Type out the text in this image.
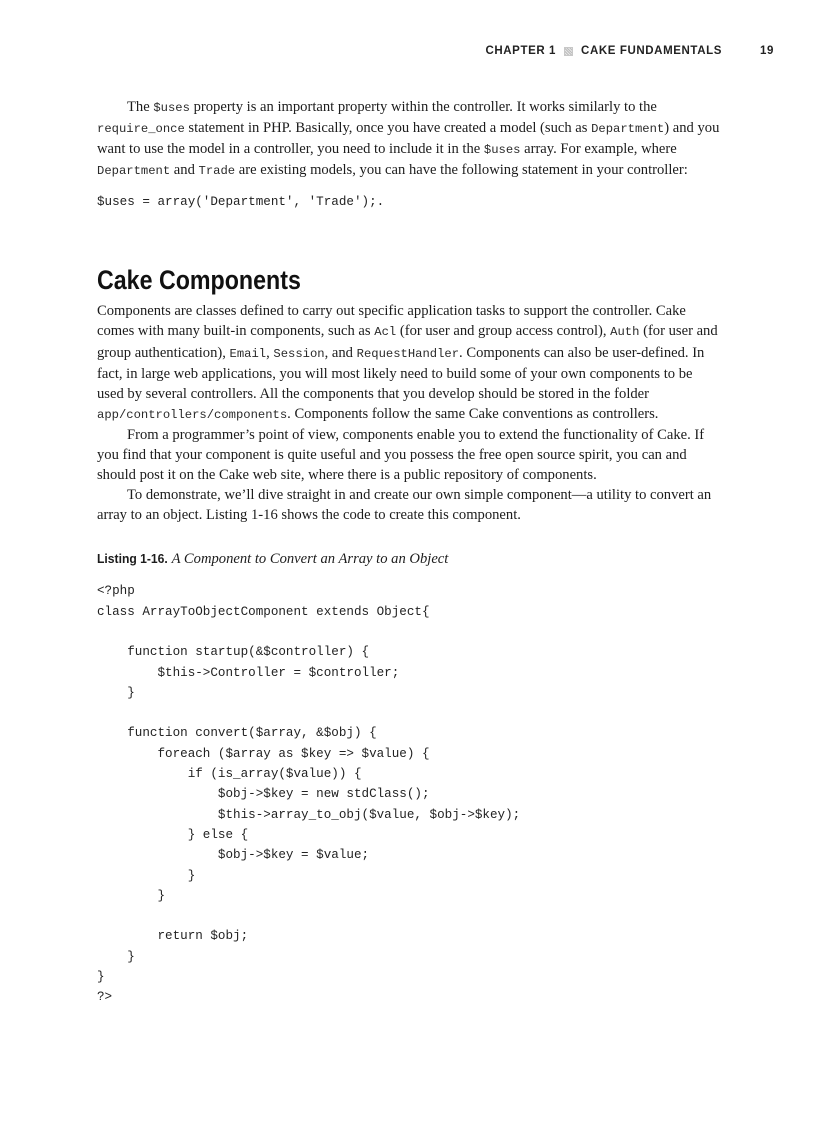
CHAPTER 1 CAKE FUNDAMENTALS	19

The $uses property is an important property within the controller. It works similarly to the require_once statement in PHP. Basically, once you have created a model (such as Department) and you want to use the model in a controller, you need to include it in the $uses array. For example, where Department and Trade are existing models, you can have the following statement in your controller:

$uses = array('Department', 'Trade');.
Cake Components

Components are classes defined to carry out specific application tasks to support the controller. Cake comes with many built-in components, such as Acl (for user and group access control), Auth (for user and group authentication), Email, Session, and RequestHandler. Components can also be user-defined. In fact, in large web applications, you will most likely need to build some of your own components to be used by several controllers. All the components that you develop should be stored in the folder app/controllers/components. Components follow the same Cake conventions as controllers.

From a programmer’s point of view, components enable you to extend the functionality of Cake. If you find that your component is quite useful and you possess the free open source spirit, you can and should post it on the Cake web site, where there is a public repository of components.

To demonstrate, we’ll dive straight in and create our own simple component—a utility to convert an array to an object. Listing 1-16 shows the code to create this component.

Listing 1-16. A Component to Convert an Array to an Object

<?php
class ArrayToObjectComponent extends Object{
function startup(&$controller) {
$this->Controller = $controller;
}
function convert($array, &$obj) {
foreach ($array as $key => $value) {
if (is_array($value)) {
$obj->$key = new stdClass();
$this->array_to_obj($value, $obj->$key);
} else {
$obj->$key = $value;
}
}
return $obj;
}
}
?>
